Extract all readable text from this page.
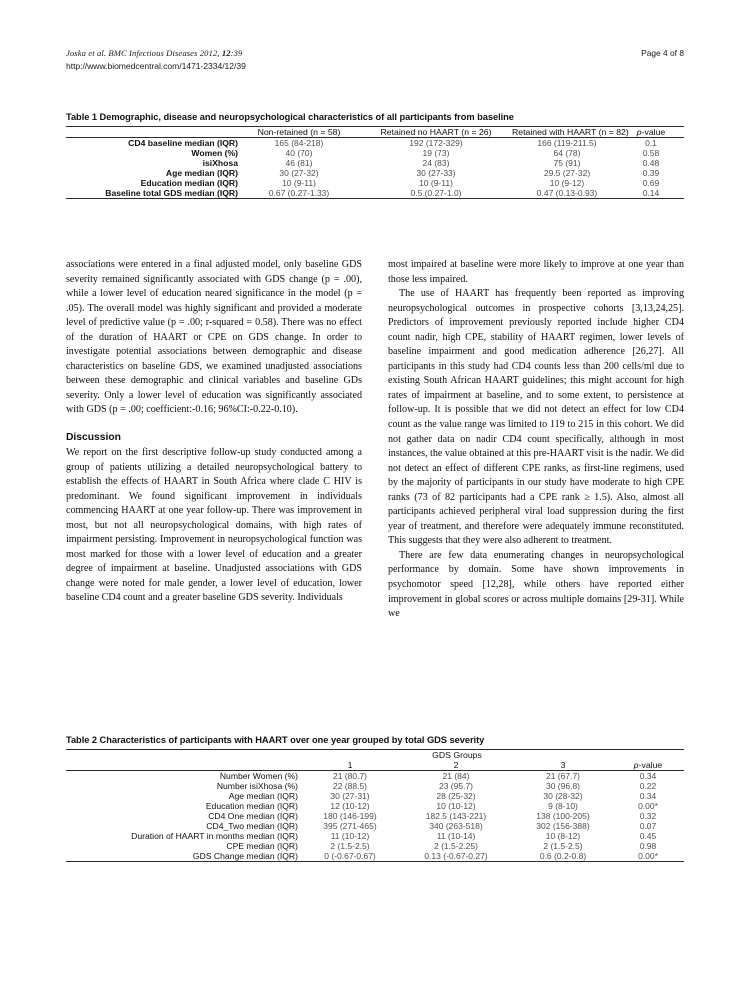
Joska et al. BMC Infectious Diseases 2012, 12:39	Page 4 of 8
http://www.biomedcentral.com/1471-2334/12/39
Table 1 Demographic, disease and neuropsychological characteristics of all participants from baseline
	Non-retained (n = 58)	Retained no HAART (n = 26)	Retained with HAART (n = 82)	p-value
CD4 baseline median (IQR)	165 (84-218)	192 (172-329)	166 (119-211.5)	0.1
Women (%)	40 (70)	19 (73)	64 (78)	0.58
isiXhosa	46 (81)	24 (83)	75 (91)	0.48
Age median (IQR)	30 (27-32)	30 (27-33)	29.5 (27-32)	0.39
Education median (IQR)	10 (9-11)	10 (9-11)	10 (9-12)	0.69
Baseline total GDS median (IQR)	0.67 (0.27-1.33)	0.5 (0.27-1.0)	0.47 (0.13-0.93)	0.14

associations were entered in a final adjusted model, only baseline GDS severity remained significantly associated with GDS change (p = .00), while a lower level of education neared significance in the model (p = .05). The overall model was highly significant and provided a moderate level of predictive value (p = .00; r-squared = 0.58). There was no effect of the duration of HAART or CPE on GDS change. In order to investigate potential associations between demographic and disease characteristics on baseline GDS, we examined unadjusted associations between these demographic and clinical variables and baseline GDs severity. Only a lower level of education was significantly associated with GDS (p = .00; coefficient:-0.16; 96%CI:-0.22-0.10).

Discussion

We report on the first descriptive follow-up study conducted among a group of patients utilizing a detailed neuropsychological battery to establish the effects of HAART in South Africa where clade C HIV is predominant. We found significant improvement in individuals commencing HAART at one year follow-up. There was improvement in most, but not all neuropsychological domains, with high rates of impairment persisting. Improvement in neuropsychological function was most marked for those with a lower level of education and a greater degree of impairment at baseline. Unadjusted associations with GDS change were noted for male gender, a lower level of education, lower baseline CD4 count and a greater baseline GDS severity. Individuals

most impaired at baseline were more likely to improve at one year than those less impaired.

The use of HAART has frequently been reported as improving neuropsychological outcomes in prospective cohorts [3,13,24,25]. Predictors of improvement previously reported include higher CD4 count nadir, high CPE, stability of HAART regimen, lower levels of baseline impairment and good medication adherence [26,27]. All participants in this study had CD4 counts less than 200 cells/ml due to existing South African HAART guidelines; this might account for high rates of impairment at baseline, and to some extent, to persistence at follow-up. It is possible that we did not detect an effect for low CD4 count as the value range was limited to 119 to 215 in this cohort. We did not gather data on nadir CD4 count specifically, although in most instances, the value obtained at this pre-HAART visit is the nadir. We did not detect an effect of different CPE ranks, as first-line regimens, used by the majority of participants in our study have moderate to high CPE ranks (73 of 82 participants had a CPE rank ≥ 1.5). Also, almost all participants achieved peripheral viral load suppression during the first year of treatment, and therefore were adequately immune reconstituted. This suggests that they were also adherent to treatment.

There are few data enumerating changes in neuropsychological performance by domain. Some have shown improvements in psychomotor speed [12,28], while others have reported either improvement in global scores or across multiple domains [29-31]. While we

Table 2 Characteristics of participants with HAART over one year grouped by total GDS severity
	GDS Groups			
	1	2	3	p-value
Number Women (%)	21 (80.7)	21 (84)	21 (67.7)	0.34
Number isiXhosa (%)	22 (88.5)	23 (95.7)	30 (96.8)	0.22
Age median (IQR)	30 (27-31)	28 (25-32)	30 (28-32)	0.34
Education median (IQR)	12 (10-12)	10 (10-12)	9 (8-10)	0.00*
CD4 One median (IQR)	180 (146-199)	182.5 (143-221)	138 (100-205)	0.32
CD4_Two median (IQR)	395 (271-465)	340 (263-518)	302 (156-388)	0.07
Duration of HAART in months median (IQR)	11 (10-12)	11 (10-14)	10 (8-12)	0.45
CPE median (IQR)	2 (1.5-2.5)	2 (1.5-2.25)	2 (1.5-2.5)	0.98
GDS Change median (IQR)	0 (-0.67-0.67)	0.13 (-0.67-0.27)	0.6 (0.2-0.8)	0.00*
